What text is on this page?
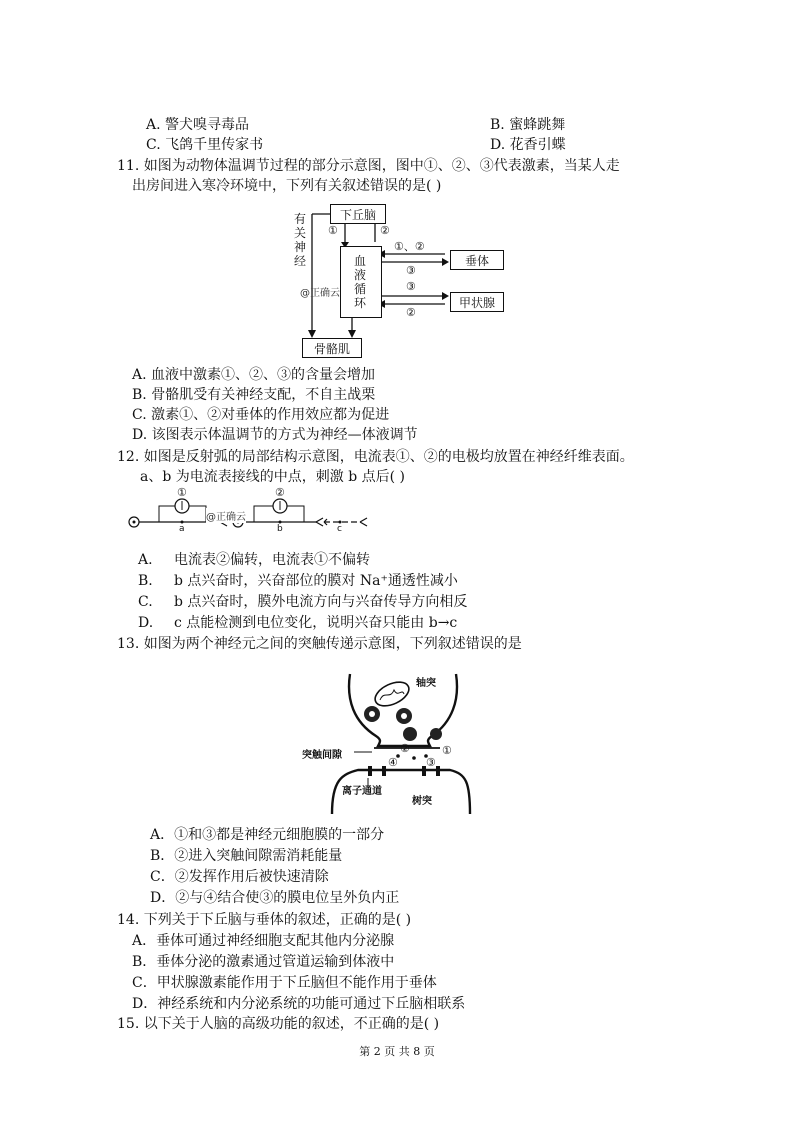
A. 警犬嗅寻毒品	B. 蜜蜂跳舞
C. 飞鸽千里传家书	D. 花香引蝶
11. 如图为动物体温调节过程的部分示意图，图中①、②、③代表激素，当某人走
出房间进入寒冷环境中，下列有关叙述错误的是( )
下丘脑
血液循环
垂体
甲状腺
骨骼肌
有关神经
①	②
①、②
③
③
②
@正确云
A. 血液中激素①、②、③的含量会增加
B. 骨骼肌受有关神经支配，不自主战栗
C. 激素①、②对垂体的作用效应都为促进
D. 该图表示体温调节的方式为神经—体液调节
12. 如图是反射弧的局部结构示意图，电流表①、②的电极均放置在神经纤维表面。
a、b 为电流表接线的中点，刺激 b 点后( )
①	②
a	b	c
@正确云
A. 电流表②偏转，电流表①不偏转
B. b 点兴奋时，兴奋部位的膜对 Na⁺通透性减小
C. b 点兴奋时，膜外电流方向与兴奋传导方向相反
D. c 点能检测到电位变化，说明兴奋只能由 b→c
13. 如图为两个神经元之间的突触传递示意图，下列叙述错误的是
轴突
突触间隙
离子通道
树突
①
②
③
④
A．①和③都是神经元细胞膜的一部分
B．②进入突触间隙需消耗能量
C．②发挥作用后被快速清除
D．②与④结合使③的膜电位呈外负内正
14. 下列关于下丘脑与垂体的叙述，正确的是( )
A．垂体可通过神经细胞支配其他内分泌腺
B．垂体分泌的激素通过管道运输到体液中
C．甲状腺激素能作用于下丘脑但不能作用于垂体
D．神经系统和内分泌系统的功能可通过下丘脑相联系
15. 以下关于人脑的高级功能的叙述，不正确的是( )
第 2 页 共 8 页
